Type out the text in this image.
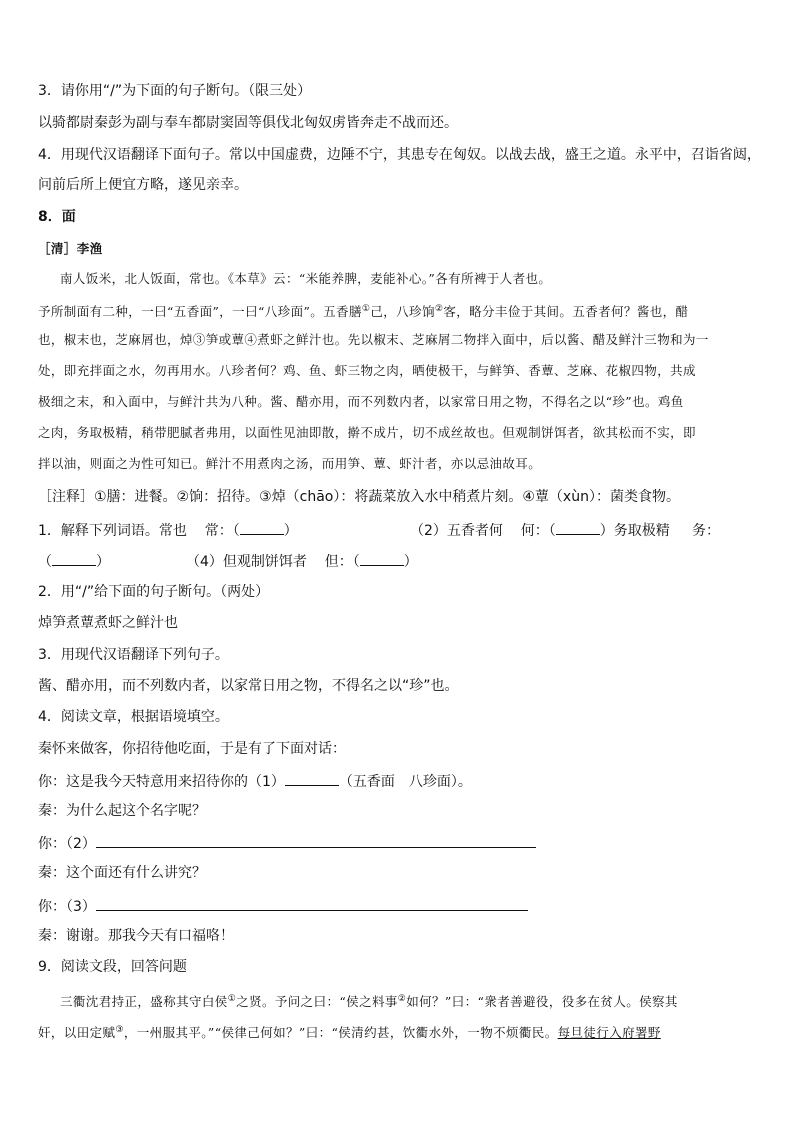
3．请你用“/”为下面的句子断句。（限三处）
以骑都尉秦彭为副与奉车都尉窦固等俱伐北匈奴虏皆奔走不战而还。
4．用现代汉语翻译下面句子。常以中国虚费，边陲不宁，其患专在匈奴。以战去战，盛王之道。永平中，召诣省闼，
问前后所上便宜方略，遂见亲幸。
8．面
［清］李渔
南人饭米，北人饭面，常也。《本草》云：“米能养脾，麦能补心。”各有所裨于人者也。
予所制面有二种，一曰“五香面”，一曰“八珍面”。五香膳①己，八珍饷②客，略分丰俭于其间。五香者何？酱也，醋
也，椒末也，芝麻屑也，焯③笋或蕈④煮虾之鲜汁也。先以椒末、芝麻屑二物拌入面中，后以酱、醋及鲜汁三物和为一
处，即充拌面之水，勿再用水。八珍者何？鸡、鱼、虾三物之肉，晒使极干，与鲜笋、香蕈、芝麻、花椒四物，共成
极细之末，和入面中，与鲜汁共为八种。酱、醋亦用，而不列数内者，以家常日用之物，不得名之以“珍”也。鸡鱼
之肉，务取极精，稍带肥腻者弗用，以面性见油即散，擀不成片，切不成丝故也。但观制饼饵者，欲其松而不实，即
拌以油，则面之为性可知已。鲜汁不用煮肉之汤，而用笋、蕈、虾汁者，亦以忌油故耳。
［注释］①膳：进餐。②饷：招待。③焯（chāo）：将蔬菜放入水中稍煮片刻。④蕈（xùn）：菌类食物。
1．解释下列词语。常也 常：（	）	（2）五香者何 何：（	）务取极精 务：
（	）	（4）但观制饼饵者 但：（	）
2．用“/”给下面的句子断句。（两处）
焯笋煮蕈煮虾之鲜汁也
3．用现代汉语翻译下列句子。
酱、醋亦用，而不列数内者，以家常日用之物，不得名之以“珍”也。
4．阅读文章，根据语境填空。
秦怀来做客，你招待他吃面，于是有了下面对话：
你：这是我今天特意用来招待你的（1）	（五香面　八珍面）。
秦：为什么起这个名字呢？
你：（2）
秦：这个面还有什么讲究？
你：（3）
秦：谢谢。那我今天有口福咯！
9．阅读文段，回答问题
三衢沈君持正，盛称其守白侯①之贤。予问之曰：“侯之料事②如何？”曰：“衆者善避役，役多在贫人。侯察其
奸，以田定赋③，一州服其平。”“侯律己何如？”曰：“侯清约甚，饮衢水外，一物不烦衢民。每旦徒行入府署野
